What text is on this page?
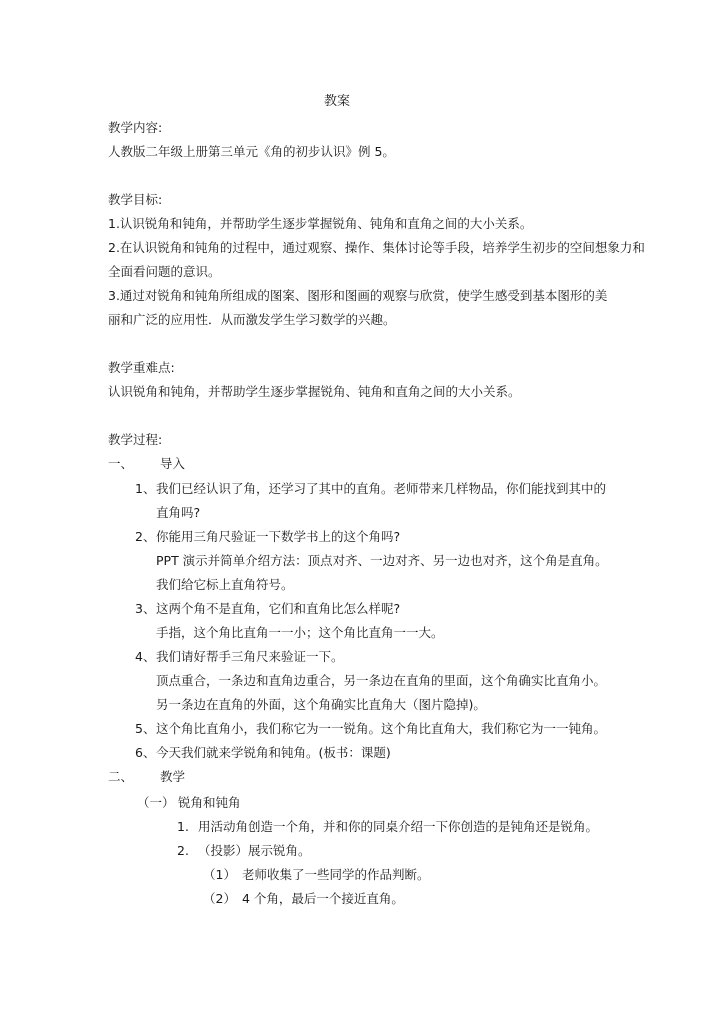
教案
教学内容:
人教版二年级上册第三单元《角的初步认识》例 5。
教学目标:
1.认识锐角和钝角，并帮助学生逐步掌握锐角、钝角和直角之间的大小关系。
2.在认识锐角和钝角的过程中，通过观察、操作、集体讨论等手段，培养学生初步的空间想象力和
全面看问题的意识。
3.通过对锐角和钝角所组成的图案、图形和图画的观察与欣赏，使学生感受到基本图形的美
丽和广泛的应用性．从而激发学生学习数学的兴趣。
教学重难点:
认识锐角和钝角，并帮助学生逐步掌握锐角、钝角和直角之间的大小关系。
教学过程:
一、 导入
1、 我们已经认识了角，还学习了其中的直角。老师带来几样物品，你们能找到其中的
直角吗?
2、 你能用三角尺验证一下数学书上的这个角吗?
PPT 演示并简单介绍方法：顶点对齐、一边对齐、另一边也对齐，这个角是直角。
我们给它标上直角符号。
3、 这两个角不是直角，它们和直角比怎么样呢?
手指，这个角比直角一一小；这个角比直角一一大。
4、 我们请好帮手三角尺来验证一下。
顶点重合，一条边和直角边重合，另一条边在直角的里面，这个角确实比直角小。
另一条边在直角的外面，这个角确实比直角大（图片隐掉)。
5、 这个角比直角小，我们称它为一一锐角。这个角比直角大，我们称它为一一钝角。
6、 今天我们就来学锐角和钝角。(板书：课题)
二、 教学
（一） 锐角和钝角
1. 用活动角创造一个角，并和你的同桌介绍一下你创造的是钝角还是锐角。
2. （投影）展示锐角。
（1） 老师收集了一些同学的作品判断。
（2） 4 个角，最后一个接近直角。
